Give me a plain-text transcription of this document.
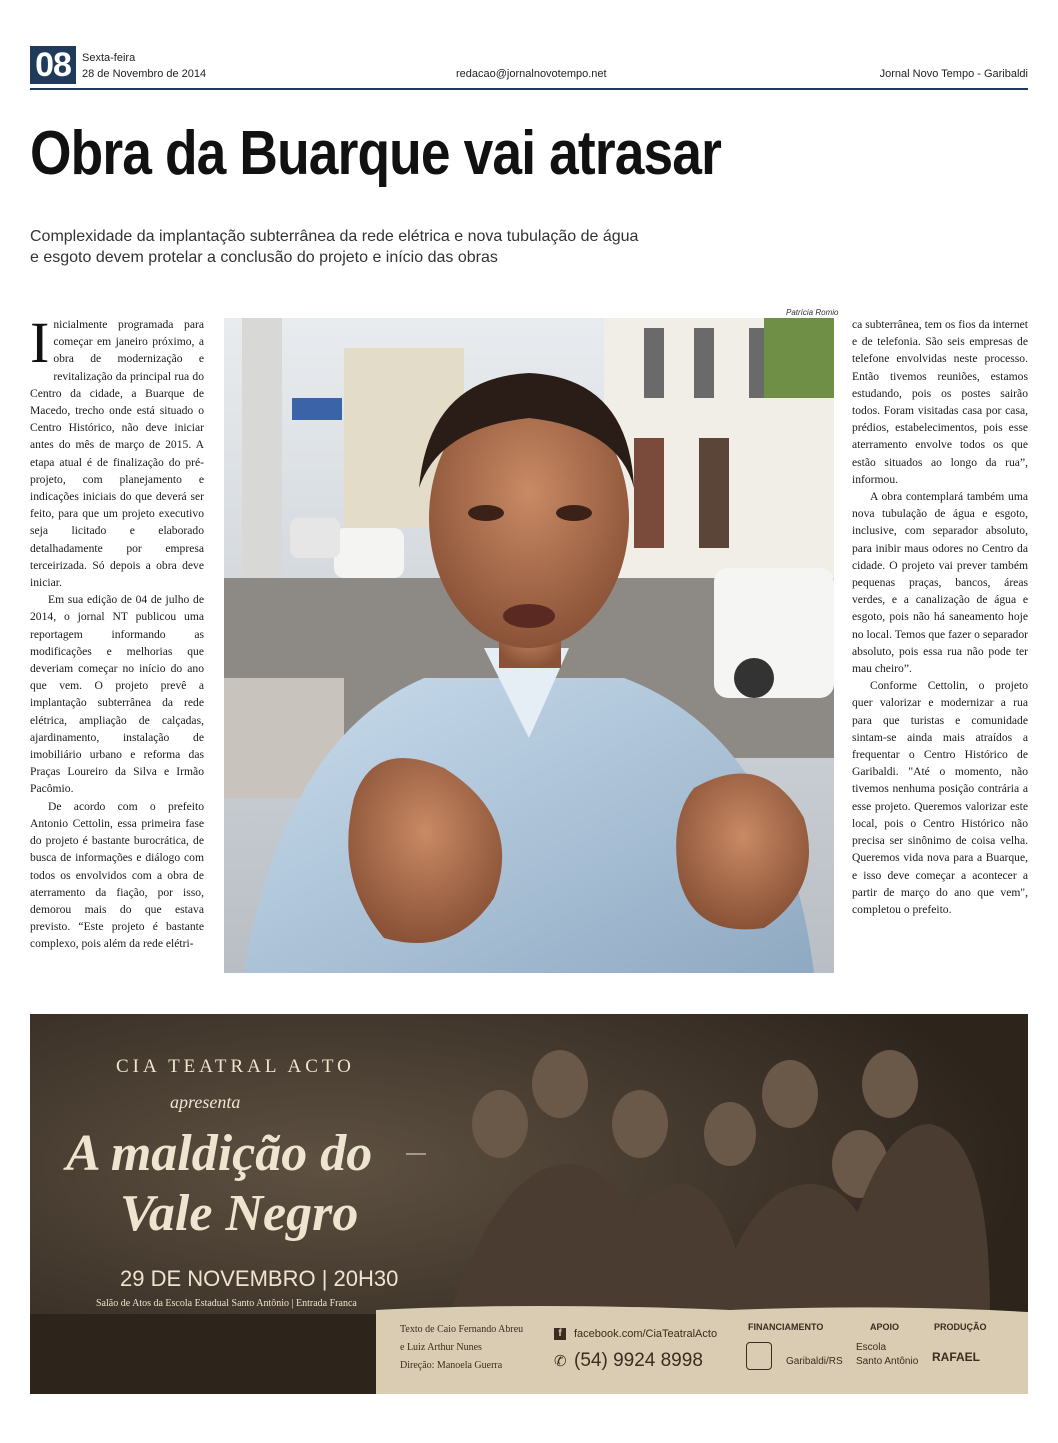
08	Sexta-feira
28 de Novembro de 2014	redacao@jornalnovotempo.net	Jornal Novo Tempo - Garibaldi
Obra da Buarque vai atrasar
Complexidade da implantação subterrânea da rede elétrica e nova tubulação de água e esgoto devem protelar a conclusão do projeto e início das obras

Inicialmente programada para começar em janeiro próximo, a obra de modernização e revitalização da principal rua do Centro da cidade, a Buarque de Macedo, trecho onde está situado o Centro Histórico, não deve iniciar antes do mês de março de 2015. A etapa atual é de finalização do pré-projeto, com planejamento e indicações iniciais do que deverá ser feito, para que um projeto executivo seja licitado e elaborado detalhadamente por empresa terceirizada. Só depois a obra deve iniciar.

Em sua edição de 04 de julho de 2014, o jornal NT publicou uma reportagem informando as modificações e melhorias que deveriam começar no início do ano que vem. O projeto prevê a implantação subterrânea da rede elétrica, ampliação de calçadas, ajardinamento, instalação de imobiliário urbano e reforma das Praças Loureiro da Silva e Irmão Pacômio.

De acordo com o prefeito Antonio Cettolin, essa primeira fase do projeto é bastante burocrática, de busca de informações e diálogo com todos os envolvidos com a obra de aterramento da fiação, por isso, demorou mais do que estava previsto. “Este projeto é bastante complexo, pois além da rede elétri-

Patrícia Romio

ca subterrânea, tem os fios da internet e de telefonia. São seis empresas de telefone envolvidas neste processo. Então tivemos reuniões, estamos estudando, pois os postes sairão todos. Foram visitadas casa por casa, prédios, estabelecimentos, pois esse aterramento envolve todos os que estão situados ao longo da rua”, informou.

A obra contemplará também uma nova tubulação de água e esgoto, inclusive, com separador absoluto, para inibir maus odores no Centro da cidade. O projeto vai prever também pequenas praças, bancos, áreas verdes, e a canalização de água e esgoto, pois não há saneamento hoje no local. Temos que fazer o separador absoluto, pois essa rua não pode ter mau cheiro”.

Conforme Cettolin, o projeto quer valorizar e modernizar a rua para que turistas e comunidade sintam-se ainda mais atraídos a frequentar o Centro Histórico de Garibaldi. "Até o momento, não tivemos nenhuma posição contrária a esse projeto. Queremos valorizar este local, pois o Centro Histórico não precisa ser sinônimo de coisa velha. Queremos vida nova para a Buarque, e isso deve começar a acontecer a partir de março do ano que vem", completou o prefeito.

CIA TEATRAL ACTO
apresenta
A maldição do
Vale Negro
29 DE NOVEMBRO | 20H30
Salão de Atos da Escola Estadual Santo Antônio | Entrada Franca
Texto de Caio Fernando Abreu
e Luiz Arthur Nunes
Direção: Manoela Guerra
f	facebook.com/CiaTeatralActo
✆ (54) 9924 8998
FINANCIAMENTO	APOIO	PRODUÇÃO
Garibaldi/RS
Escola
Santo Antônio RAFAEL
